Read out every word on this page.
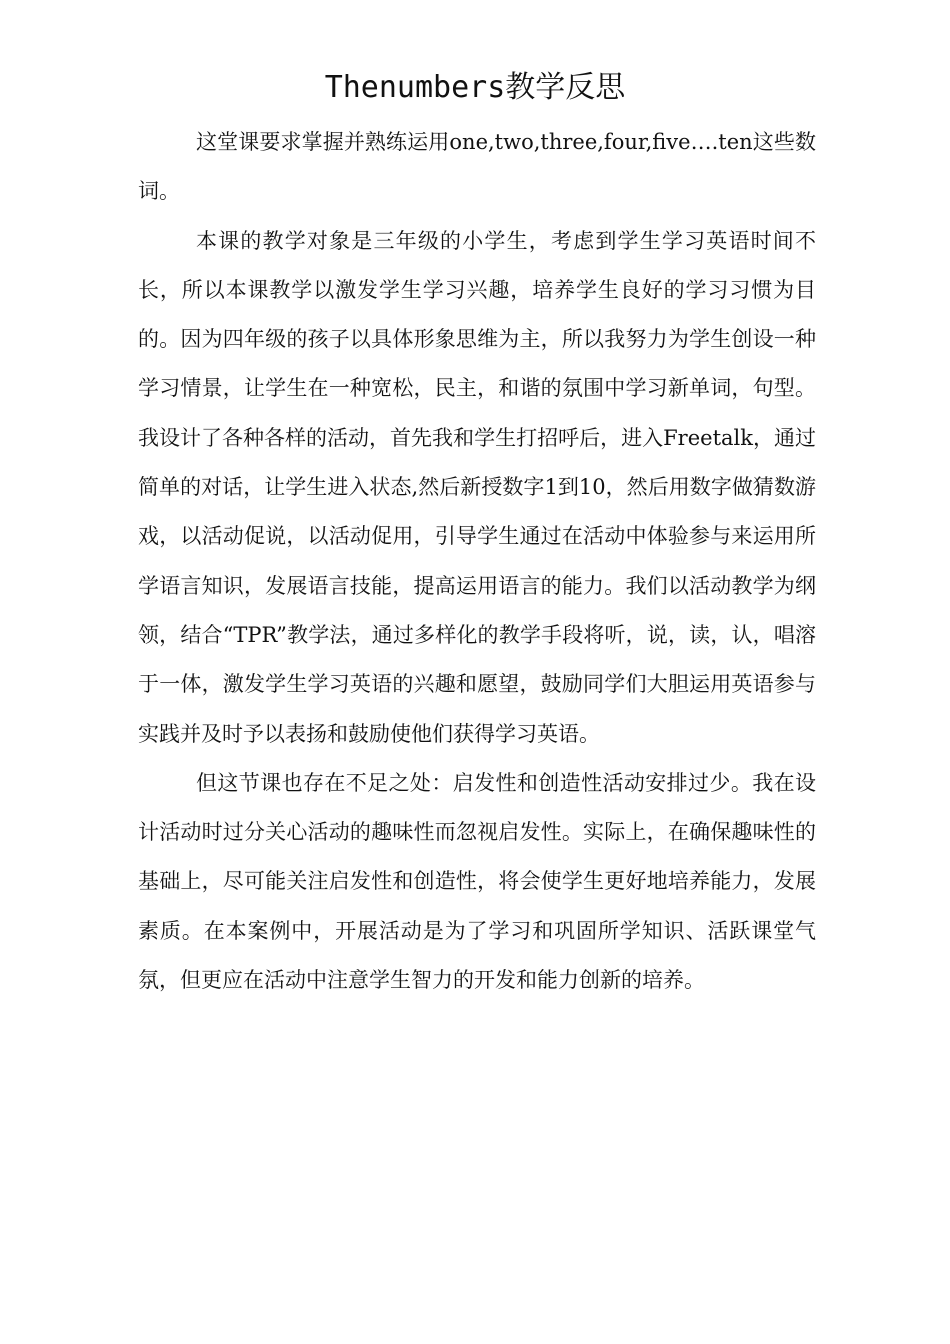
Thenumbers教学反思

这堂课要求掌握并熟练运用one,two,three,four,five….ten这些数词。

本课的教学对象是三年级的小学生，考虑到学生学习英语时间不长，所以本课教学以激发学生学习兴趣，培养学生良好的学习习惯为目的。因为四年级的孩子以具体形象思维为主，所以我努力为学生创设一种学习情景，让学生在一种宽松，民主，和谐的氛围中学习新单词，句型。我设计了各种各样的活动，首先我和学生打招呼后，进入Freetalk，通过简单的对话，让学生进入状态,然后新授数字1到10，然后用数字做猜数游戏，以活动促说，以活动促用，引导学生通过在活动中体验参与来运用所学语言知识，发展语言技能，提高运用语言的能力。我们以活动教学为纲领，结合“TPR”教学法，通过多样化的教学手段将听，说，读，认，唱溶于一体，激发学生学习英语的兴趣和愿望，鼓励同学们大胆运用英语参与实践并及时予以表扬和鼓励使他们获得学习英语。

但这节课也存在不足之处：启发性和创造性活动安排过少。我在设计活动时过分关心活动的趣味性而忽视启发性。实际上，在确保趣味性的基础上，尽可能关注启发性和创造性，将会使学生更好地培养能力，发展素质。在本案例中，开展活动是为了学习和巩固所学知识、活跃课堂气氛，但更应在活动中注意学生智力的开发和能力创新的培养。
